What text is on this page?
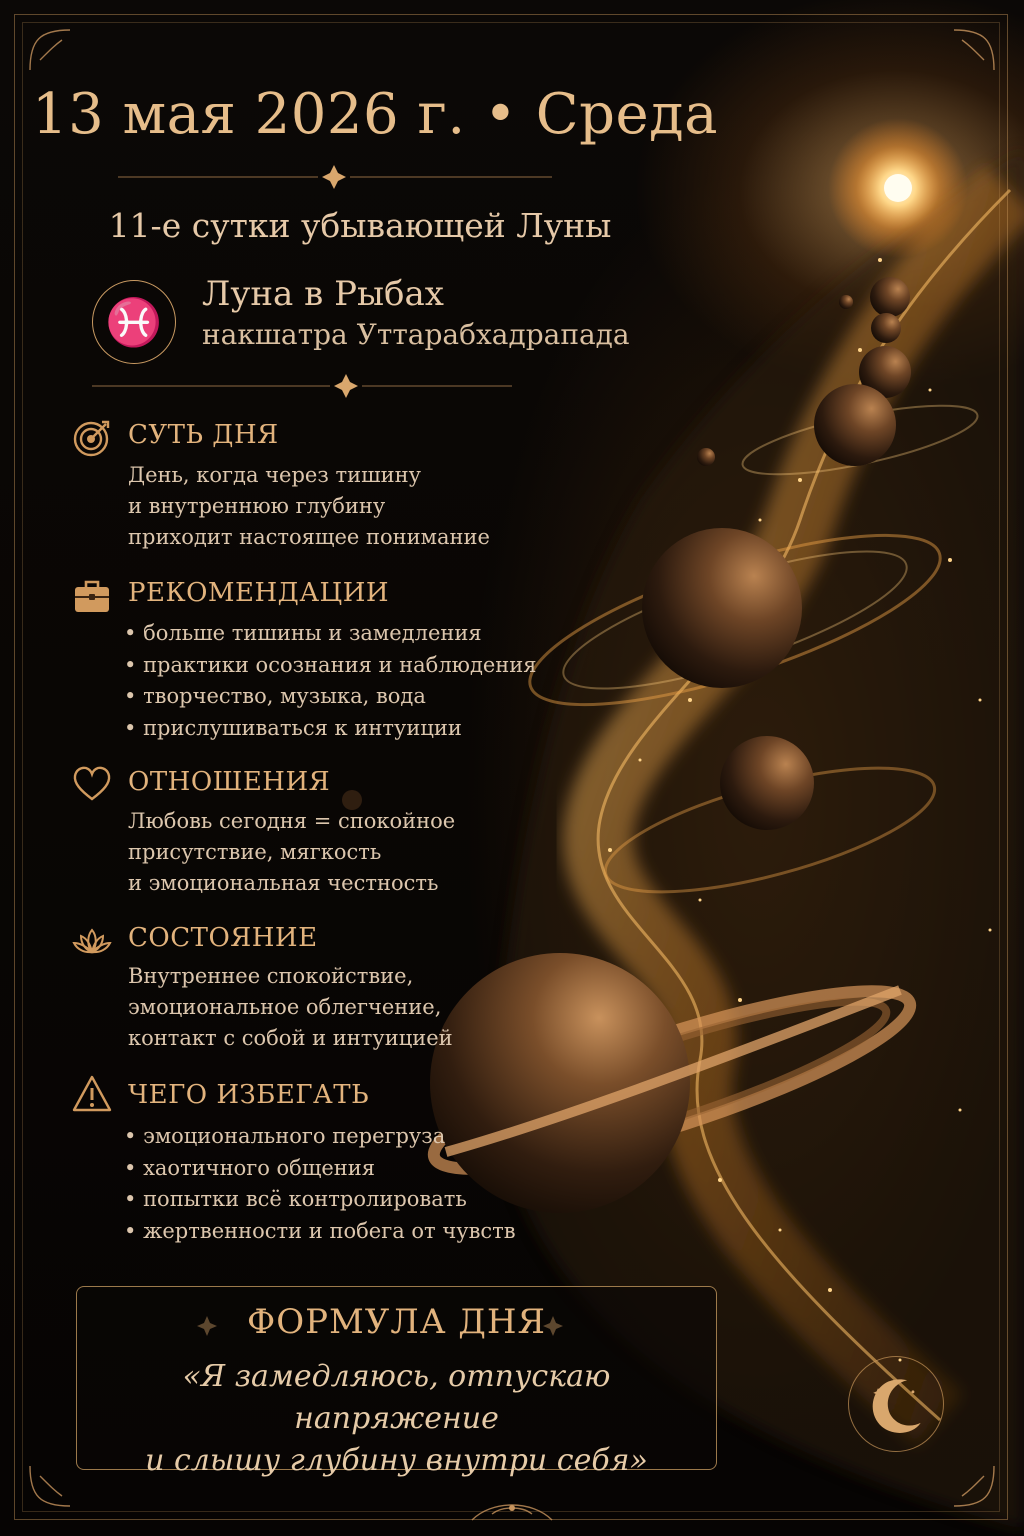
13 мая 2026 г. • Среда
11-е сутки убывающей Луны
♓
Луна в Рыбах
накшатра Уттарабхадрапада
СУТЬ ДНЯ
День, когда через тишину
и внутреннюю глубину
приходит настоящее понимание
РЕКОМЕНДАЦИИ
• больше тишины и замедления
• практики осознания и наблюдения
• творчество, музыка, вода
• прислушиваться к интуиции
ОТНОШЕНИЯ
Любовь сегодня = спокойное
присутствие, мягкость
и эмоциональная честность
СОСТОЯНИЕ
Внутреннее спокойствие,
эмоциональное облегчение,
контакт с собой и интуицией
ЧЕГО ИЗБЕГАТЬ
• эмоционального перегруза
• хаотичного общения
• попытки всё контролировать
• жертвенности и побега от чувств
ФОРМУЛА ДНЯ
«Я замедляюсь, отпускаю напряжение
и слышу глубину внутри себя»
